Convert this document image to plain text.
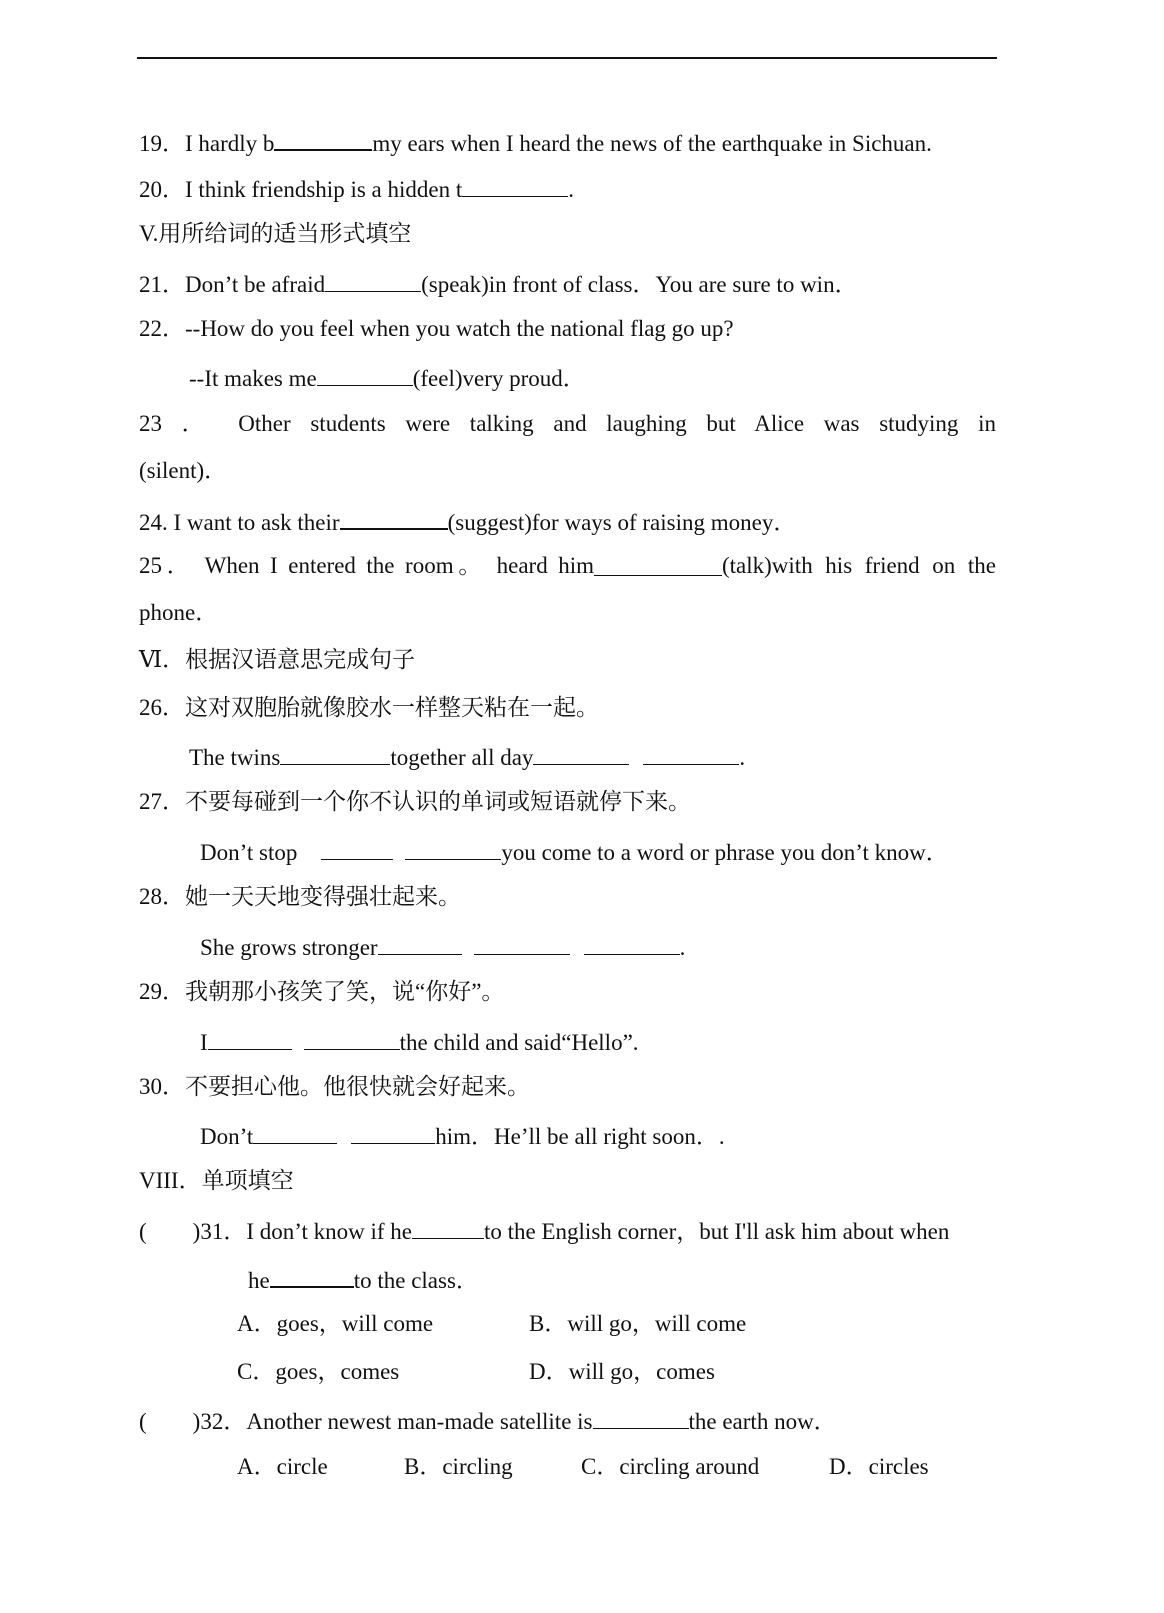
19．I hardly b	my ears when I heard the news of the earthquake in Sichuan.
20．I think friendship is a hidden t	.
V.用所给词的适当形式填空
21．Don’t be afraid	(speak)in front of class．You are sure to win．
22．--How do you feel when you watch the national flag go up?
--It makes me	(feel)very proud．
23 ． Other students were talking and laughing but Alice was studying in
(silent)．
24. I want to ask their	(suggest)for ways of raising money．
25． When I entered the room。 heard him	(talk)with his friend on the
phone．
Ⅵ．根据汉语意思完成句子
26．这对双胞胎就像胶水一样整天粘在一起。
The twins	together all day	.
27．不要每碰到一个你不认识的单词或短语就停下来。
Don’t stop	you come to a word or phrase you don’t know．
28．她一天天地变得强壮起来。
She grows stronger	.
29．我朝那小孩笑了笑，说“你好”。
I	the child and said“Hello”.
30．不要担心他。他很快就会好起来。
Don’t	him．He’ll be all right soon．.
VIII．单项填空
( )31．I don’t know if he	to the English corner，but I'll ask him about when
he	to the class．
A．goes，will come	B．will go，will come
C．goes，comes	D．will go，comes
( )32．Another newest man-made satellite is	the earth now．
A．circle	B．circling	C．circling around	D．circles
